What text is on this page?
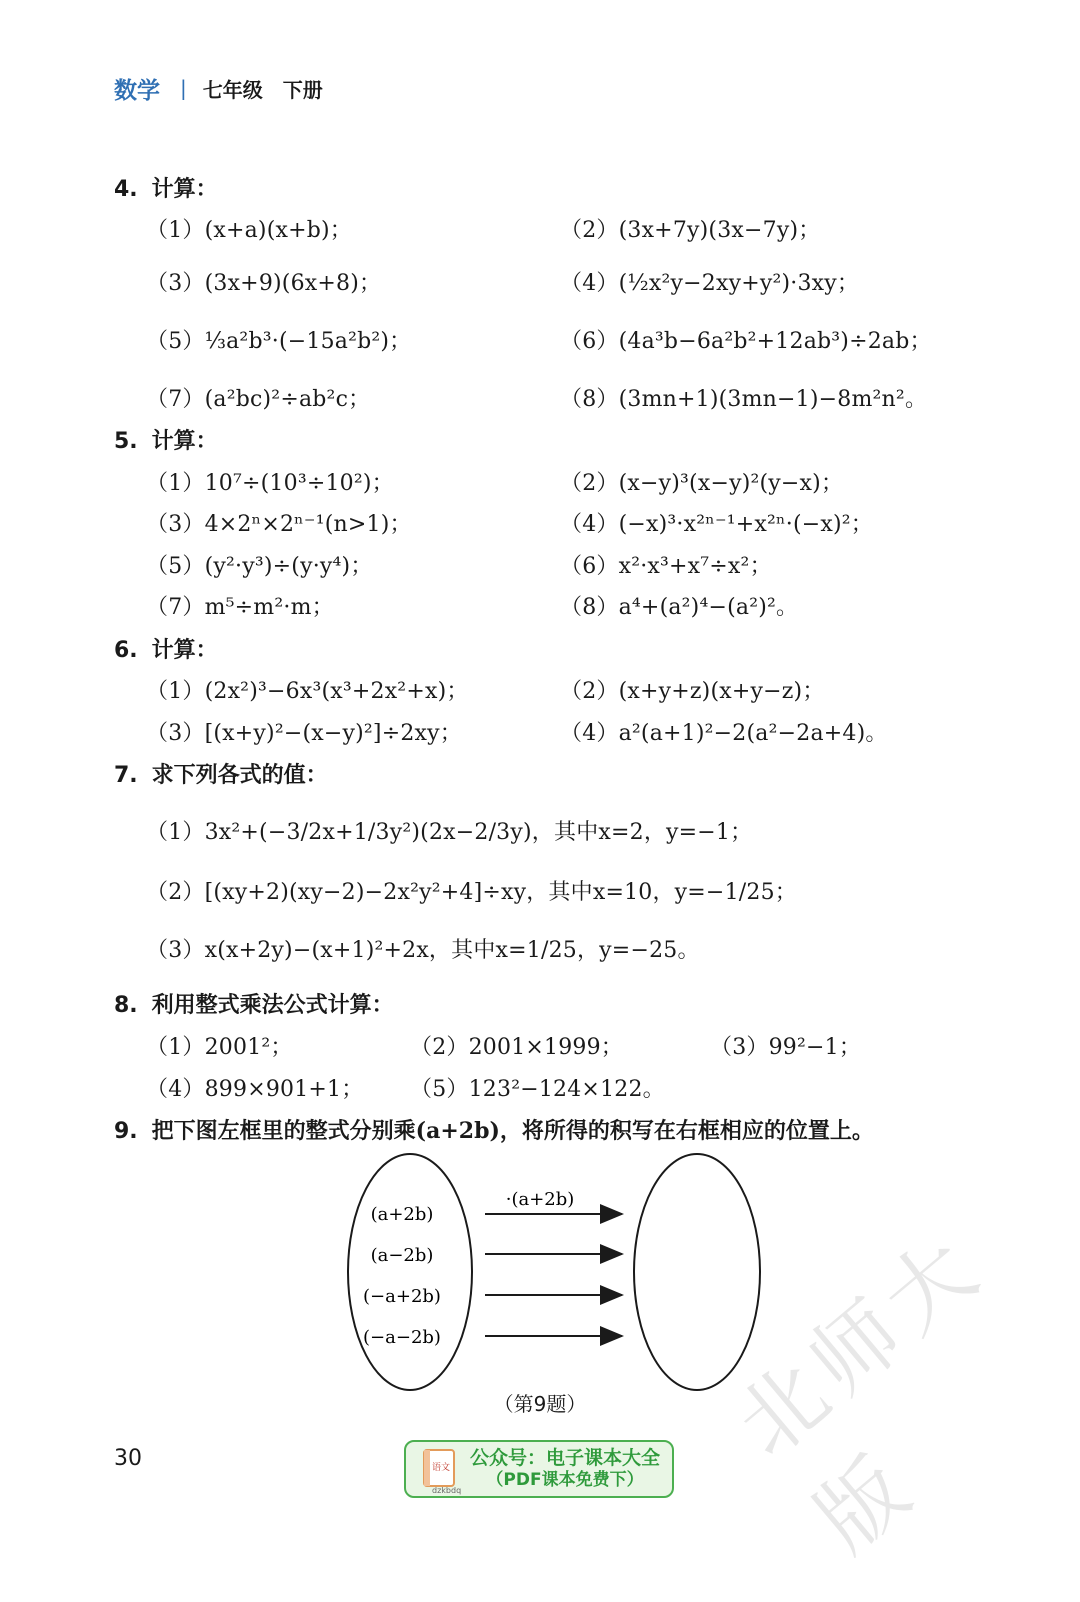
数学 | 七年级　下册
4. 计算：
（1）(x+a)(x+b)；	（2）(3x+7y)(3x−7y)；
（3）(3x+9)(6x+8)；	（4）(½x²y−2xy+y²)·3xy；
（5）⅓a²b³·(−15a²b²)；	（6）(4a³b−6a²b²+12ab³)÷2ab；
（7）(a²bc)²÷ab²c；	（8）(3mn+1)(3mn−1)−8m²n²。
5. 计算：
（1）10⁷÷(10³÷10²)；	（2）(x−y)³(x−y)²(y−x)；
（3）4×2ⁿ×2ⁿ⁻¹(n>1)；	（4）(−x)³·x²ⁿ⁻¹+x²ⁿ·(−x)²；
（5）(y²·y³)÷(y·y⁴)；	（6）x²·x³+x⁷÷x²；
（7）m⁵÷m²·m；	（8）a⁴+(a²)⁴−(a²)²。
6. 计算：
（1）(2x²)³−6x³(x³+2x²+x)；	（2）(x+y+z)(x+y−z)；
（3）[(x+y)²−(x−y)²]÷2xy；	（4）a²(a+1)²−2(a²−2a+4)。
7. 求下列各式的值：
（1）3x²+(−3/2x+1/3y²)(2x−2/3y)，其中x=2，y=−1；
（2）[(xy+2)(xy−2)−2x²y²+4]÷xy，其中x=10，y=−1/25；
（3）x(x+2y)−(x+1)²+2x，其中x=1/25，y=−25。
8. 利用整式乘法公式计算：
（1）2001²；	（2）2001×1999；	（3）99²−1；
（4）899×901+1； （5）123²−124×122。
9. 把下图左框里的整式分别乘(a+2b)，将所得的积写在右框相应的位置上。
·(a+2b)
(a+2b)
(a−2b)
(−a+2b)
(−a−2b)
（第9题）	北师大版
30	语文 公众号：电子课本大全
（PDF课本免费下）
dzkbdq
